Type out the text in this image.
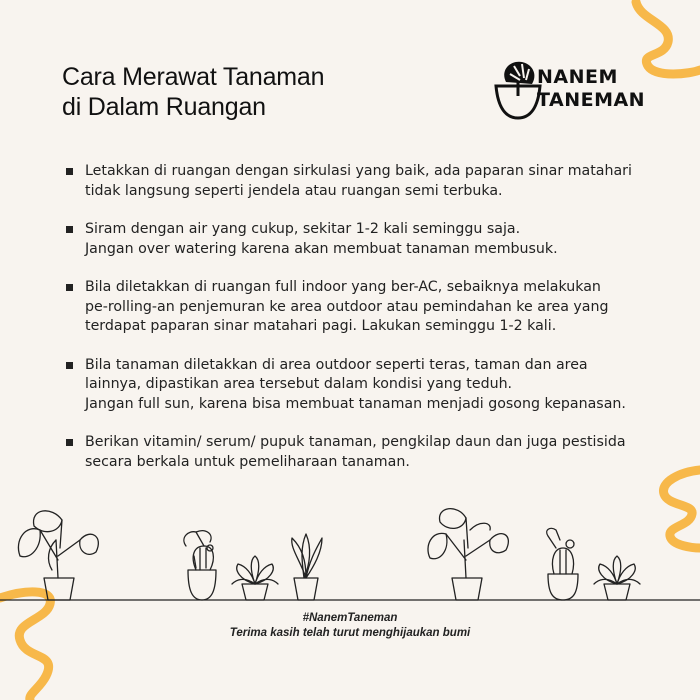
Cara Merawat Tanaman
di Dalam Ruangan
NANEM
TANEMAN
Letakkan di ruangan dengan sirkulasi yang baik, ada paparan sinar matahari
tidak langsung seperti jendela atau ruangan semi terbuka.
Siram dengan air yang cukup, sekitar 1-2 kali seminggu saja.
Jangan over watering karena akan membuat tanaman membusuk.
Bila diletakkan di ruangan full indoor yang ber-AC, sebaiknya melakukan
pe-rolling-an penjemuran ke area outdoor atau pemindahan ke area yang
terdapat paparan sinar matahari pagi. Lakukan seminggu 1-2 kali.
Bila tanaman diletakkan di area outdoor seperti teras, taman dan area
lainnya, dipastikan area tersebut dalam kondisi yang teduh.
Jangan full sun, karena bisa membuat tanaman menjadi gosong kepanasan.
Berikan vitamin/ serum/ pupuk tanaman, pengkilap daun dan juga pestisida
secara berkala untuk pemeliharaan tanaman.
#NanemTaneman
Terima kasih telah turut menghijaukan bumi
